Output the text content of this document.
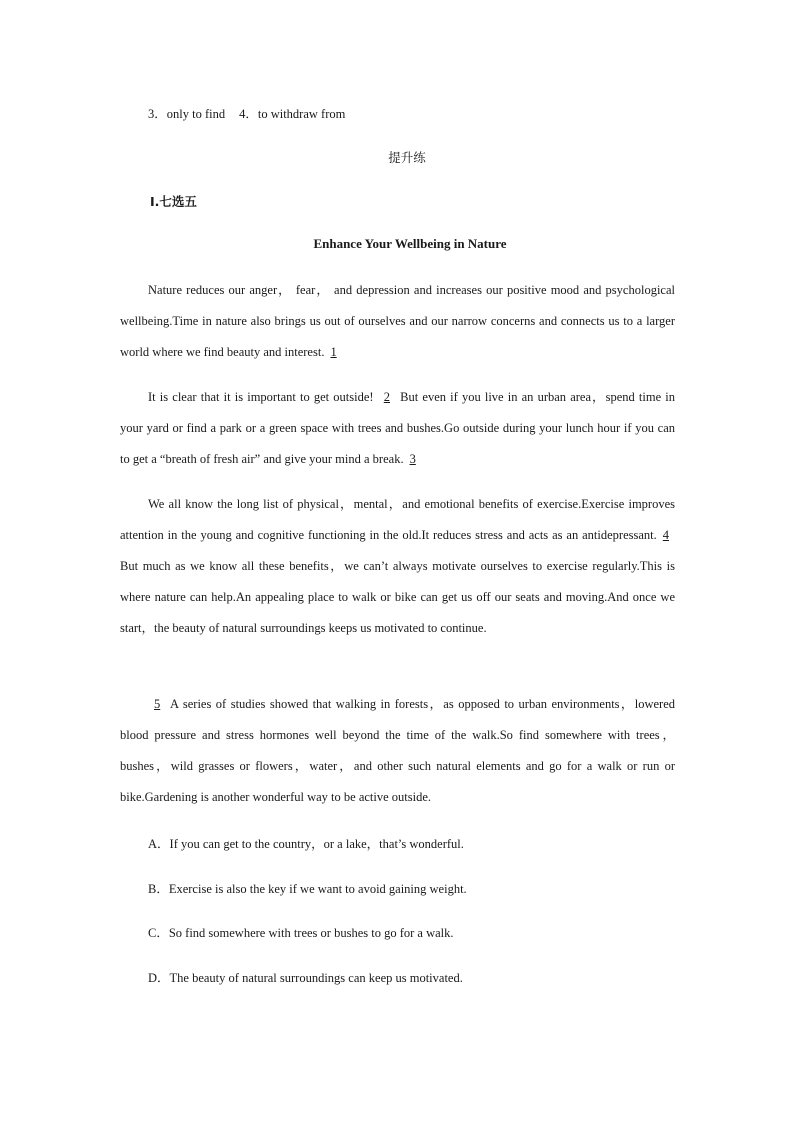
3．only to find 4．to withdraw from
提升练
Ⅰ.七选五
Enhance Your Wellbeing in Nature

Nature reduces our anger， fear， and depression and increases our positive mood and psychological wellbeing.Time in nature also brings us out of ourselves and our narrow concerns and connects us to a larger world where we find beauty and interest. 1

It is clear that it is important to get outside! 2 But even if you live in an urban area，spend time in your yard or find a park or a green space with trees and bushes.Go outside during your lunch hour if you can to get a “breath of fresh air” and give your mind a break. 3

We all know the long list of physical，mental，and emotional benefits of exercise.Exercise improves attention in the young and cognitive functioning in the old.It reduces stress and acts as an antidepressant. 4 But much as we know all these benefits，we can’t always motivate ourselves to exercise regularly.This is where nature can help.An appealing place to walk or bike can get us off our seats and moving.And once we start，the beauty of natural surroundings keeps us motivated to continue.

5 A series of studies showed that walking in forests，as opposed to urban environments，lowered blood pressure and stress hormones well beyond the time of the walk.So find somewhere with trees，bushes，wild grasses or flowers，water，and other such natural elements and go for a walk or run or bike.Gardening is another wonderful way to be active outside.

A．If you can get to the country，or a lake，that’s wonderful.
B．Exercise is also the key if we want to avoid gaining weight.
C．So find somewhere with trees or bushes to go for a walk.
D．The beauty of natural surroundings can keep us motivated.
